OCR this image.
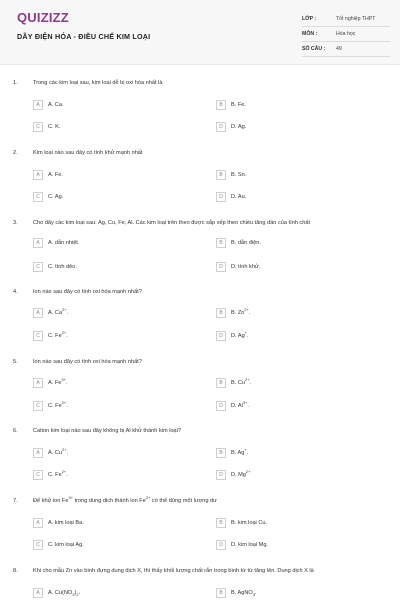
QUIZIZZ
DÃY ĐIỆN HÓA - ĐIỀU CHẾ KIM LOẠI
LỚP :	Tốt nghiệp THPT
MÔN :	Hóa học
SỐ CÂU : 49
1.	Trong các kim loại sau, kim loại dễ bị oxi hóa nhất là
A	A. Ca.	B	B. Fe.
C	C. K.	D	D. Ag.
2.	Kim loại nào sau đây có tính khử mạnh nhất
A	A. Fe.	B	B. Sn.
C	C. Ag.	D	D. Au.
3.	Cho dãy các kim loại sau: Ag, Cu, Fe, Al. Các kim loại trên theo được sắp xếp theo chiều tăng dần của tính chất
A	A. dẫn nhiệt.	B	B. dẫn điện.
C	C. tính dẻo.	D	D. tính khử.
4.	Ion nào sau đây có tính oxi hóa mạnh nhất?
A	A. $Ca^{2+}$.	B	B. $Zn^{2+}$.
C	C. $Fe^{2+}$.	D	D. Ag+.
5.	Ion nào sau đây có tính oxi hóa mạnh nhất?
A	A. $Fe^{3+}$.	B	B. $Cu^{2+}$.
C	C. $Fe^{2+}$.	D	D. $Al^{3+}$.
6.	Cation kim loại nào sau đây không bị Al khử thành kim loại?
A	A. $Cu^{2+}$.	B	B. Ag+.
C	C. $Fe^{2+}$.	D	D. $Mg^{2+}$
7.	Để khử ion $Fe^{3+}$ trong dung dịch thành ion $Fe^{2+}$ có thể dùng một lượng dư
A	A. kim loại Ba.	B	B. kim loại Cu.
C	C. kim loại Ag.	D	D. kim loại Mg.
8.	Khi cho mẫu Zn vào bình đựng dung dịch X, thì thấy khối lượng chất rắn trong bình từ từ tăng lên. Dung dịch X là
A	A. $Cu(NO_3)_2$.	B	B. AgNO$_3$.
